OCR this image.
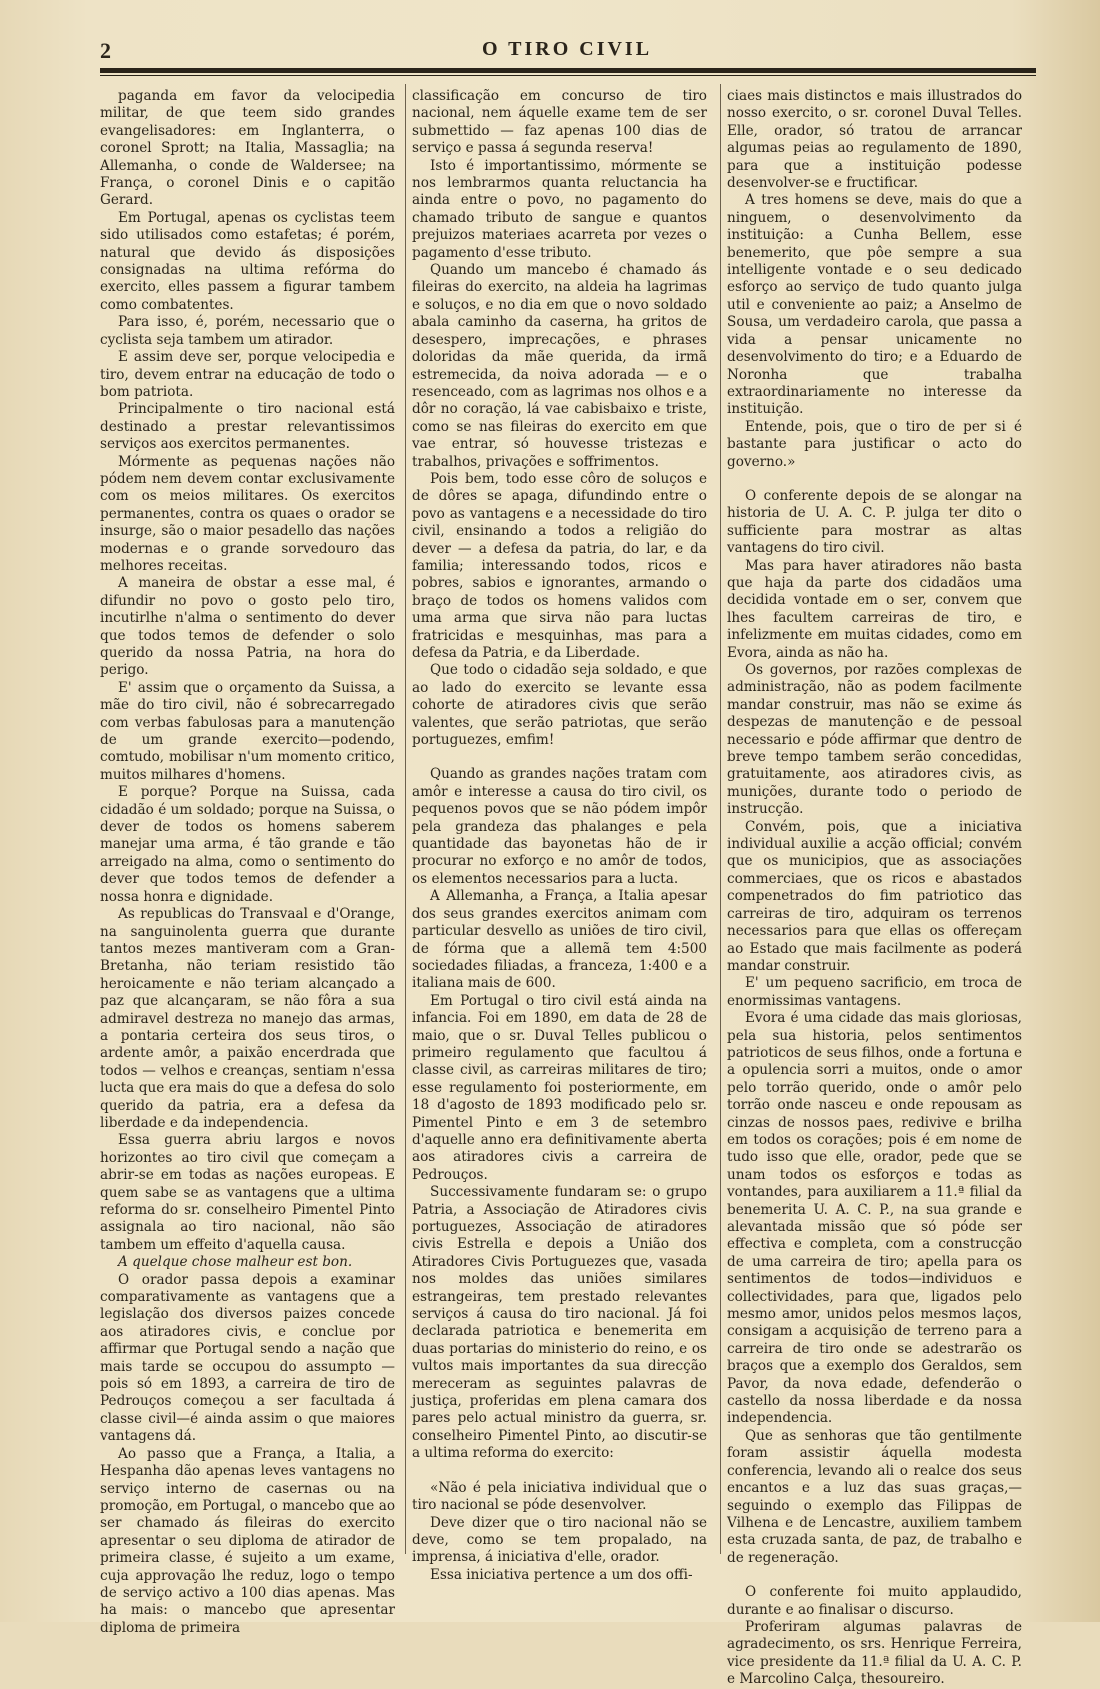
2	O TIRO CIVIL

paganda em favor da velocipedia militar, de que teem sido grandes evangelisadores: em Inglanterra, o coronel Sprott; na Italia, Massaglia; na Allemanha, o conde de Waldersee; na França, o coronel Dinis e o capitão Gerard.

Em Portugal, apenas os cyclistas teem sido utilisados como estafetas; é porém, natural que devido ás disposições consignadas na ultima refórma do exercito, elles passem a figurar tambem como combatentes.

Para isso, é, porém, necessario que o cyclista seja tambem um atirador.

E assim deve ser, porque velocipedia e tiro, devem entrar na educação de todo o bom patriota.

Principalmente o tiro nacional está destinado a prestar relevantissimos serviços aos exercitos permanentes.

Mórmente as pequenas nações não pódem nem devem contar exclusivamente com os meios militares. Os exercitos permanentes, contra os quaes o orador se insurge, são o maior pesadello das nações modernas e o grande sorvedouro das melhores receitas.

A maneira de obstar a esse mal, é difundir no povo o gosto pelo tiro, incutirlhe n'alma o sentimento do dever que todos temos de defender o solo querido da nossa Patria, na hora do perigo.

E' assim que o orçamento da Suissa, a mãe do tiro civil, não é sobrecarregado com verbas fabulosas para a manutenção de um grande exercito—podendo, comtudo, mobilisar n'um momento critico, muitos milhares d'homens.

E porque? Porque na Suissa, cada cidadão é um soldado; porque na Suissa, o dever de todos os homens saberem manejar uma arma, é tão grande e tão arreigado na alma, como o sentimento do dever que todos temos de defender a nossa honra e dignidade.

As republicas do Transvaal e d'Orange, na sanguinolenta guerra que durante tantos mezes mantiveram com a Gran-Bretanha, não teriam resistido tão heroicamente e não teriam alcançado a paz que alcançaram, se não fôra a sua admiravel destreza no manejo das armas, a pontaria certeira dos seus tiros, o ardente amôr, a paixão encerdrada que todos — velhos e creanças, sentiam n'essa lucta que era mais do que a defesa do solo querido da patria, era a defesa da liberdade e da independencia.

Essa guerra abriu largos e novos horizontes ao tiro civil que começam a abrir-se em todas as nações europeas. E quem sabe se as vantagens que a ultima reforma do sr. conselheiro Pimentel Pinto assignala ao tiro nacional, não são tambem um effeito d'aquella causa.

A quelque chose malheur est bon.

O orador passa depois a examinar comparativamente as vantagens que a legislação dos diversos paizes concede aos atiradores civis, e conclue por affirmar que Portugal sendo a nação que mais tarde se occupou do assumpto — pois só em 1893, a carreira de tiro de Pedrouços começou a ser facultada á classe civil—é ainda assim o que maiores vantagens dá.

Ao passo que a França, a Italia, a Hespanha dão apenas leves vantagens no serviço interno de casernas ou na promoção, em Portugal, o mancebo que ao ser chamado ás fileiras do exercito apresentar o seu diploma de atirador de primeira classe, é sujeito a um exame, cuja approvação lhe reduz, logo o tempo de serviço activo a 100 dias apenas. Mas ha mais: o mancebo que apresentar diploma de primeira

classificação em concurso de tiro nacional, nem áquelle exame tem de ser submettido — faz apenas 100 dias de serviço e passa á segunda reserva!

Isto é importantissimo, mórmente se nos lembrarmos quanta reluctancia ha ainda entre o povo, no pagamento do chamado tributo de sangue e quantos prejuizos materiaes acarreta por vezes o pagamento d'esse tributo.

Quando um mancebo é chamado ás fileiras do exercito, na aldeia ha lagrimas e soluços, e no dia em que o novo soldado abala caminho da caserna, ha gritos de desespero, imprecações, e phrases doloridas da mãe querida, da irmã estremecida, da noiva adorada — e o resenceado, com as lagrimas nos olhos e a dôr no coração, lá vae cabisbaixo e triste, como se nas fileiras do exercito em que vae entrar, só houvesse tristezas e trabalhos, privações e soffrimentos.

Pois bem, todo esse côro de soluços e de dôres se apaga, difundindo entre o povo as vantagens e a necessidade do tiro civil, ensinando a todos a religião do dever — a defesa da patria, do lar, e da familia; interessando todos, ricos e pobres, sabios e ignorantes, armando o braço de todos os homens validos com uma arma que sirva não para luctas fratricidas e mesquinhas, mas para a defesa da Patria, e da Liberdade.

Que todo o cidadão seja soldado, e que ao lado do exercito se levante essa cohorte de atiradores civis que serão valentes, que serão patriotas, que serão portuguezes, emfim!

Quando as grandes nações tratam com amôr e interesse a causa do tiro civil, os pequenos povos que se não pódem impôr pela grandeza das phalanges e pela quantidade das bayonetas hão de ir procurar no exforço e no amôr de todos, os elementos necessarios para a lucta.

A Allemanha, a França, a Italia apesar dos seus grandes exercitos animam com particular desvello as uniões de tiro civil, de fórma que a allemã tem 4:500 sociedades filiadas, a franceza, 1:400 e a italiana mais de 600.

Em Portugal o tiro civil está ainda na infancia. Foi em 1890, em data de 28 de maio, que o sr. Duval Telles publicou o primeiro regulamento que facultou á classe civil, as carreiras militares de tiro; esse regulamento foi posteriormente, em 18 d'agosto de 1893 modificado pelo sr. Pimentel Pinto e em 3 de setembro d'aquelle anno era definitivamente aberta aos atiradores civis a carreira de Pedrouços.

Successivamente fundaram se: o grupo Patria, a Associação de Atiradores civis portuguezes, Associação de atiradores civis Estrella e depois a União dos Atiradores Civis Portuguezes que, vasada nos moldes das uniões similares estrangeiras, tem prestado relevantes serviços á causa do tiro nacional. Já foi declarada patriotica e benemerita em duas portarias do ministerio do reino, e os vultos mais importantes da sua direcção mereceram as seguintes palavras de justiça, proferidas em plena camara dos pares pelo actual ministro da guerra, sr. conselheiro Pimentel Pinto, ao discutir-se a ultima reforma do exercito:

«Não é pela iniciativa individual que o tiro nacional se póde desenvolver.

Deve dizer que o tiro nacional não se deve, como se tem propalado, na imprensa, á iniciativa d'elle, orador.

Essa iniciativa pertence a um dos offi-

ciaes mais distinctos e mais illustrados do nosso exercito, o sr. coronel Duval Telles. Elle, orador, só tratou de arrancar algumas peias ao regulamento de 1890, para que a instituição podesse desenvolver-se e fructificar.

A tres homens se deve, mais do que a ninguem, o desenvolvimento da instituição: a Cunha Bellem, esse benemerito, que pôe sempre a sua intelligente vontade e o seu dedicado esforço ao serviço de tudo quanto julga util e conveniente ao paiz; a Anselmo de Sousa, um verdadeiro carola, que passa a vida a pensar unicamente no desenvolvimento do tiro; e a Eduardo de Noronha que trabalha extraordinariamente no interesse da instituição.

Entende, pois, que o tiro de per si é bastante para justificar o acto do governo.»

O conferente depois de se alongar na historia de U. A. C. P. julga ter dito o sufficiente para mostrar as altas vantagens do tiro civil.

Mas para haver atiradores não basta que haja da parte dos cidadãos uma decidida vontade em o ser, convem que lhes facultem carreiras de tiro, e infelizmente em muitas cidades, como em Evora, ainda as não ha.

Os governos, por razões complexas de administração, não as podem facilmente mandar construir, mas não se exime ás despezas de manutenção e de pessoal necessario e póde affirmar que dentro de breve tempo tambem serão concedidas, gratuitamente, aos atiradores civis, as munições, durante todo o periodo de instrucção.

Convém, pois, que a iniciativa individual auxilie a acção official; convém que os municipios, que as associações commerciaes, que os ricos e abastados compenetrados do fim patriotico das carreiras de tiro, adquiram os terrenos necessarios para que ellas os offereçam ao Estado que mais facilmente as poderá mandar construir.

E' um pequeno sacrificio, em troca de enormissimas vantagens.

Evora é uma cidade das mais gloriosas, pela sua historia, pelos sentimentos patrioticos de seus filhos, onde a fortuna e a opulencia sorri a muitos, onde o amor pelo torrão querido, onde o amôr pelo torrão onde nasceu e onde repousam as cinzas de nossos paes, redivive e brilha em todos os corações; pois é em nome de tudo isso que elle, orador, pede que se unam todos os esforços e todas as vontandes, para auxiliarem a 11.ª filial da benemerita U. A. C. P., na sua grande e alevantada missão que só póde ser effectiva e completa, com a construcção de uma carreira de tiro; apella para os sentimentos de todos—individuos e collectividades, para que, ligados pelo mesmo amor, unidos pelos mesmos laços, consigam a acquisição de terreno para a carreira de tiro onde se adestrarão os braços que a exemplo dos Geraldos, sem Pavor, da nova edade, defenderão o castello da nossa liberdade e da nossa independencia.

Que as senhoras que tão gentilmente foram assistir áquella modesta conferencia, levando ali o realce dos seus encantos e a luz das suas graças,—seguindo o exemplo das Filippas de Vilhena e de Lencastre, auxiliem tambem esta cruzada santa, de paz, de trabalho e de regeneração.

O conferente foi muito applaudido, durante e ao finalisar o discurso.

Proferiram algumas palavras de agradecimento, os srs. Henrique Ferreira, vice presidente da 11.ª filial da U. A. C. P. e Marcolino Calça, thesoureiro.
